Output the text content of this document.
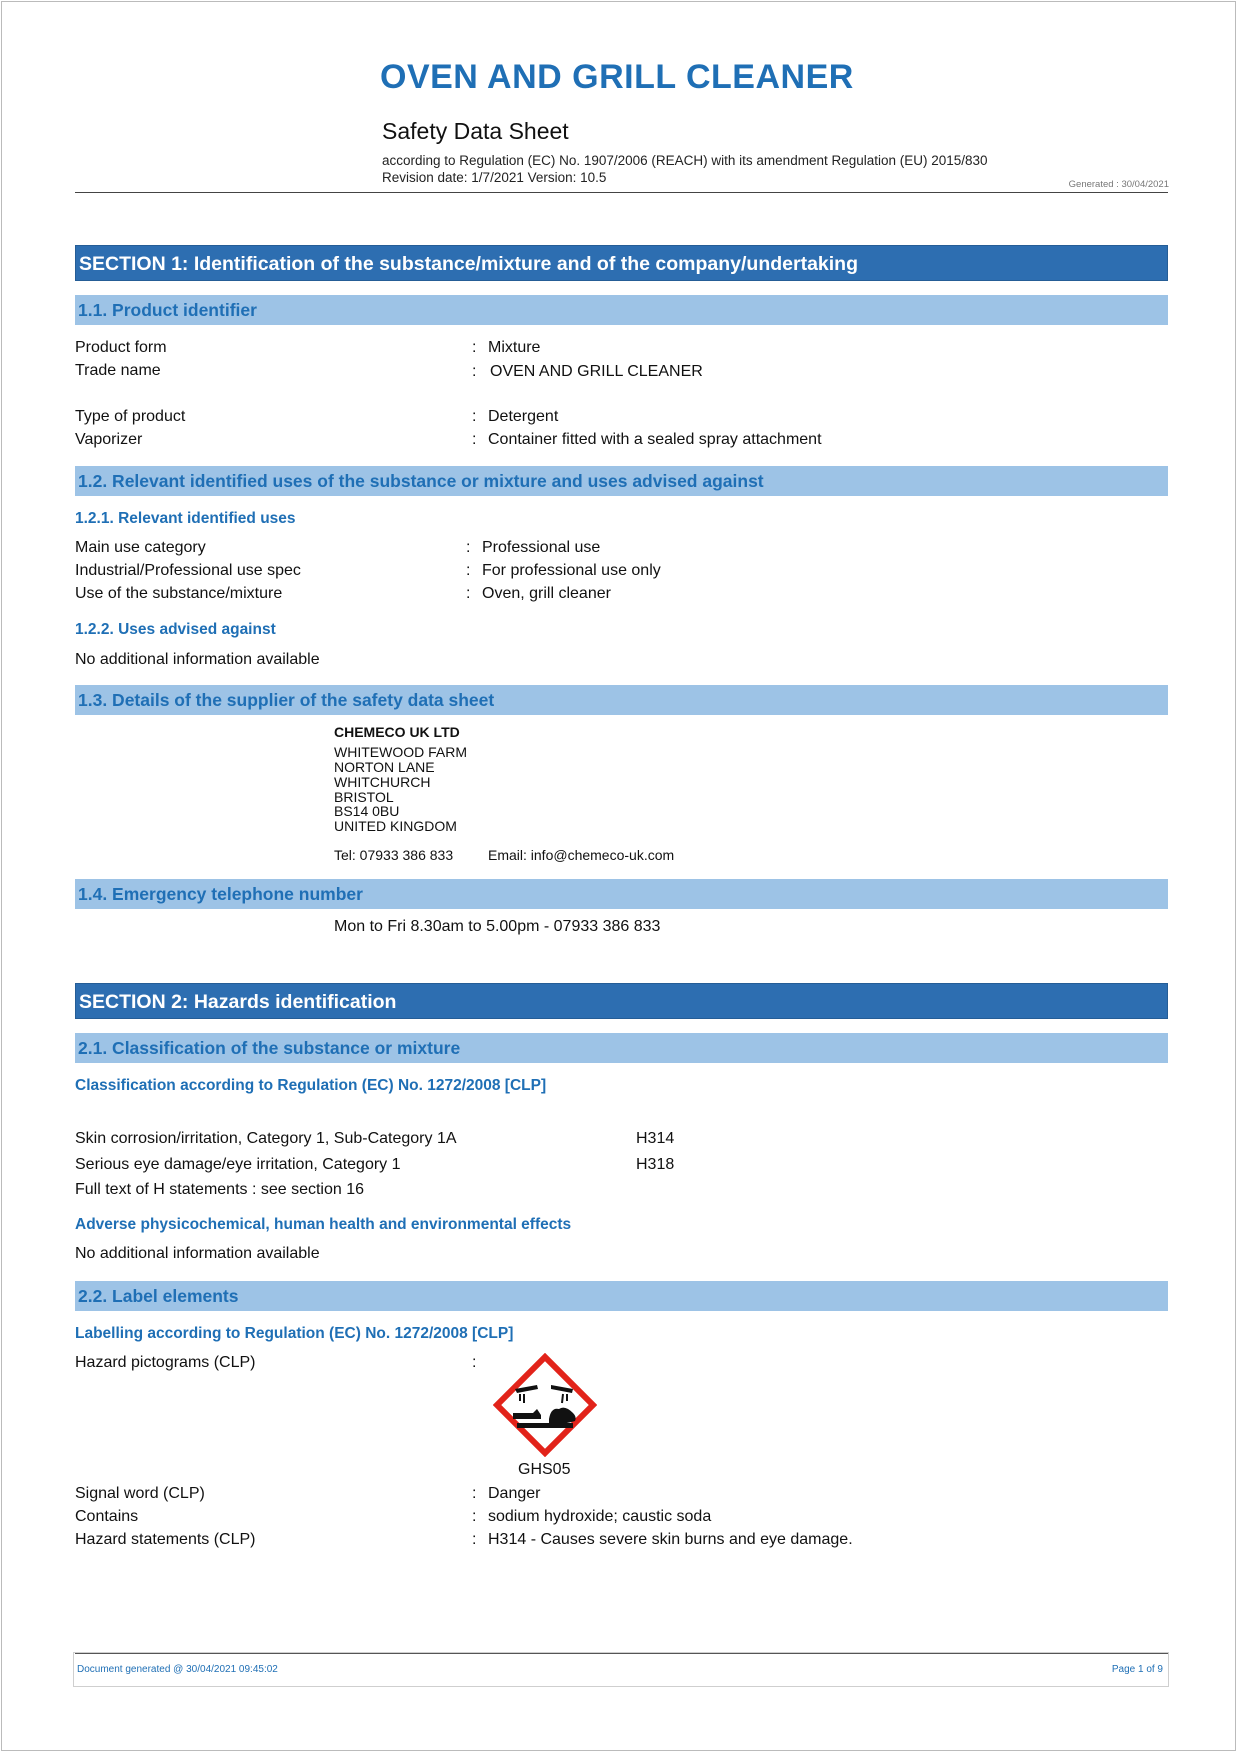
OVEN AND GRILL CLEANER
Safety Data Sheet
according to Regulation (EC) No. 1907/2006 (REACH) with its amendment Regulation (EU) 2015/830
Revision date: 1/7/2021 Version: 10.5	Generated : 30/04/2021
SECTION 1: Identification of the substance/mixture and of the company/undertaking
1.1. Product identifier
Product form	: Mixture
Trade name	: OVEN AND GRILL CLEANER
Type of product	: Detergent
Vaporizer	: Container fitted with a sealed spray attachment
1.2. Relevant identified uses of the substance or mixture and uses advised against
1.2.1. Relevant identified uses
Main use category	: Professional use
Industrial/Professional use spec	: For professional use only
Use of the substance/mixture	: Oven, grill cleaner
1.2.2. Uses advised against
No additional information available
1.3. Details of the supplier of the safety data sheet
CHEMECO UK LTD
WHITEWOOD FARM
NORTON LANE
WHITCHURCH
BRISTOL
BS14 0BU
UNITED KINGDOM
Tel: 07933 386 833 Email: info@chemeco-uk.com
1.4. Emergency telephone number
Mon to Fri 8.30am to 5.00pm - 07933 386 833
SECTION 2: Hazards identification
2.1. Classification of the substance or mixture
Classification according to Regulation (EC) No. 1272/2008 [CLP]
Skin corrosion/irritation, Category 1, Sub-Category 1A	H314
Serious eye damage/eye irritation, Category 1	H318
Full text of H statements : see section 16
Adverse physicochemical, human health and environmental effects
No additional information available
2.2. Label elements
Labelling according to Regulation (EC) No. 1272/2008 [CLP]
Hazard pictograms (CLP)	:
GHS05
Signal word (CLP)	: Danger
Contains	: sodium hydroxide; caustic soda
Hazard statements (CLP)	: H314 - Causes severe skin burns and eye damage.
Document generated @ 30/04/2021 09:45:02	Page 1 of 9
